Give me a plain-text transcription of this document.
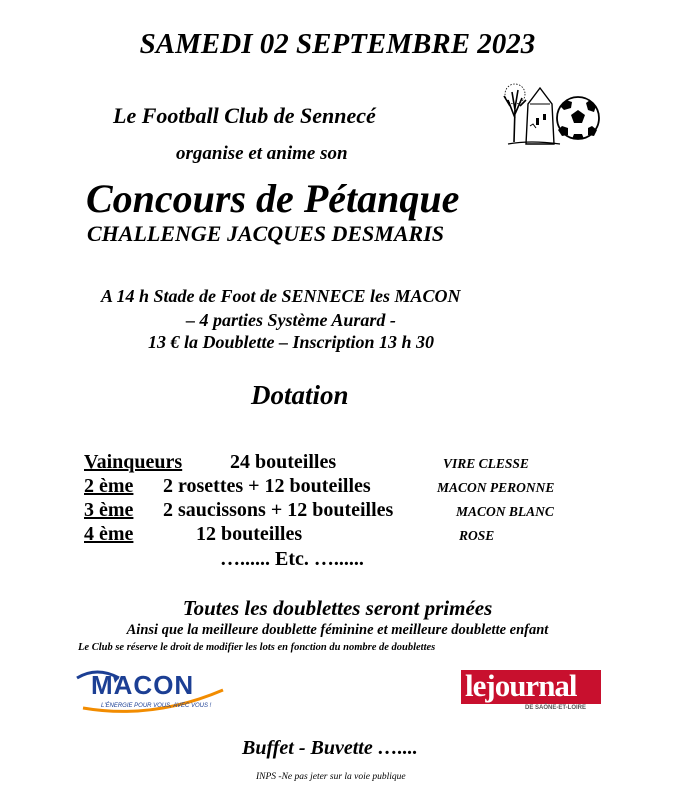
SAMEDI 02 SEPTEMBRE 2023
Le Football Club de Sennecé
organise et anime son
Concours de Pétanque
CHALLENGE JACQUES DESMARIS
A 14 h Stade de Foot de SENNECE les MACON
– 4 parties Système Aurard -
13 € la Doublette – Inscription 13 h 30
Dotation
Vainqueurs 24 bouteilles	VIRE CLESSE
2 ème 2 rosettes + 12 bouteilles	MACON PERONNE
3 ème 2 saucissons + 12 bouteilles	MACON BLANC
4 ème	12 bouteilles	ROSE
…...... Etc. …......
Toutes les doublettes seront primées
Ainsi que la meilleure doublette féminine et meilleure doublette enfant
Le Club se réserve le droit de modifier les lots en fonction du nombre de doublettes
MACON
L'ÉNERGIE POUR VOUS, AVEC VOUS !
lejournal
DE SAÔNE-ET-LOIRE
Buffet - Buvette …....
INPS -Ne pas jeter sur la voie publique
